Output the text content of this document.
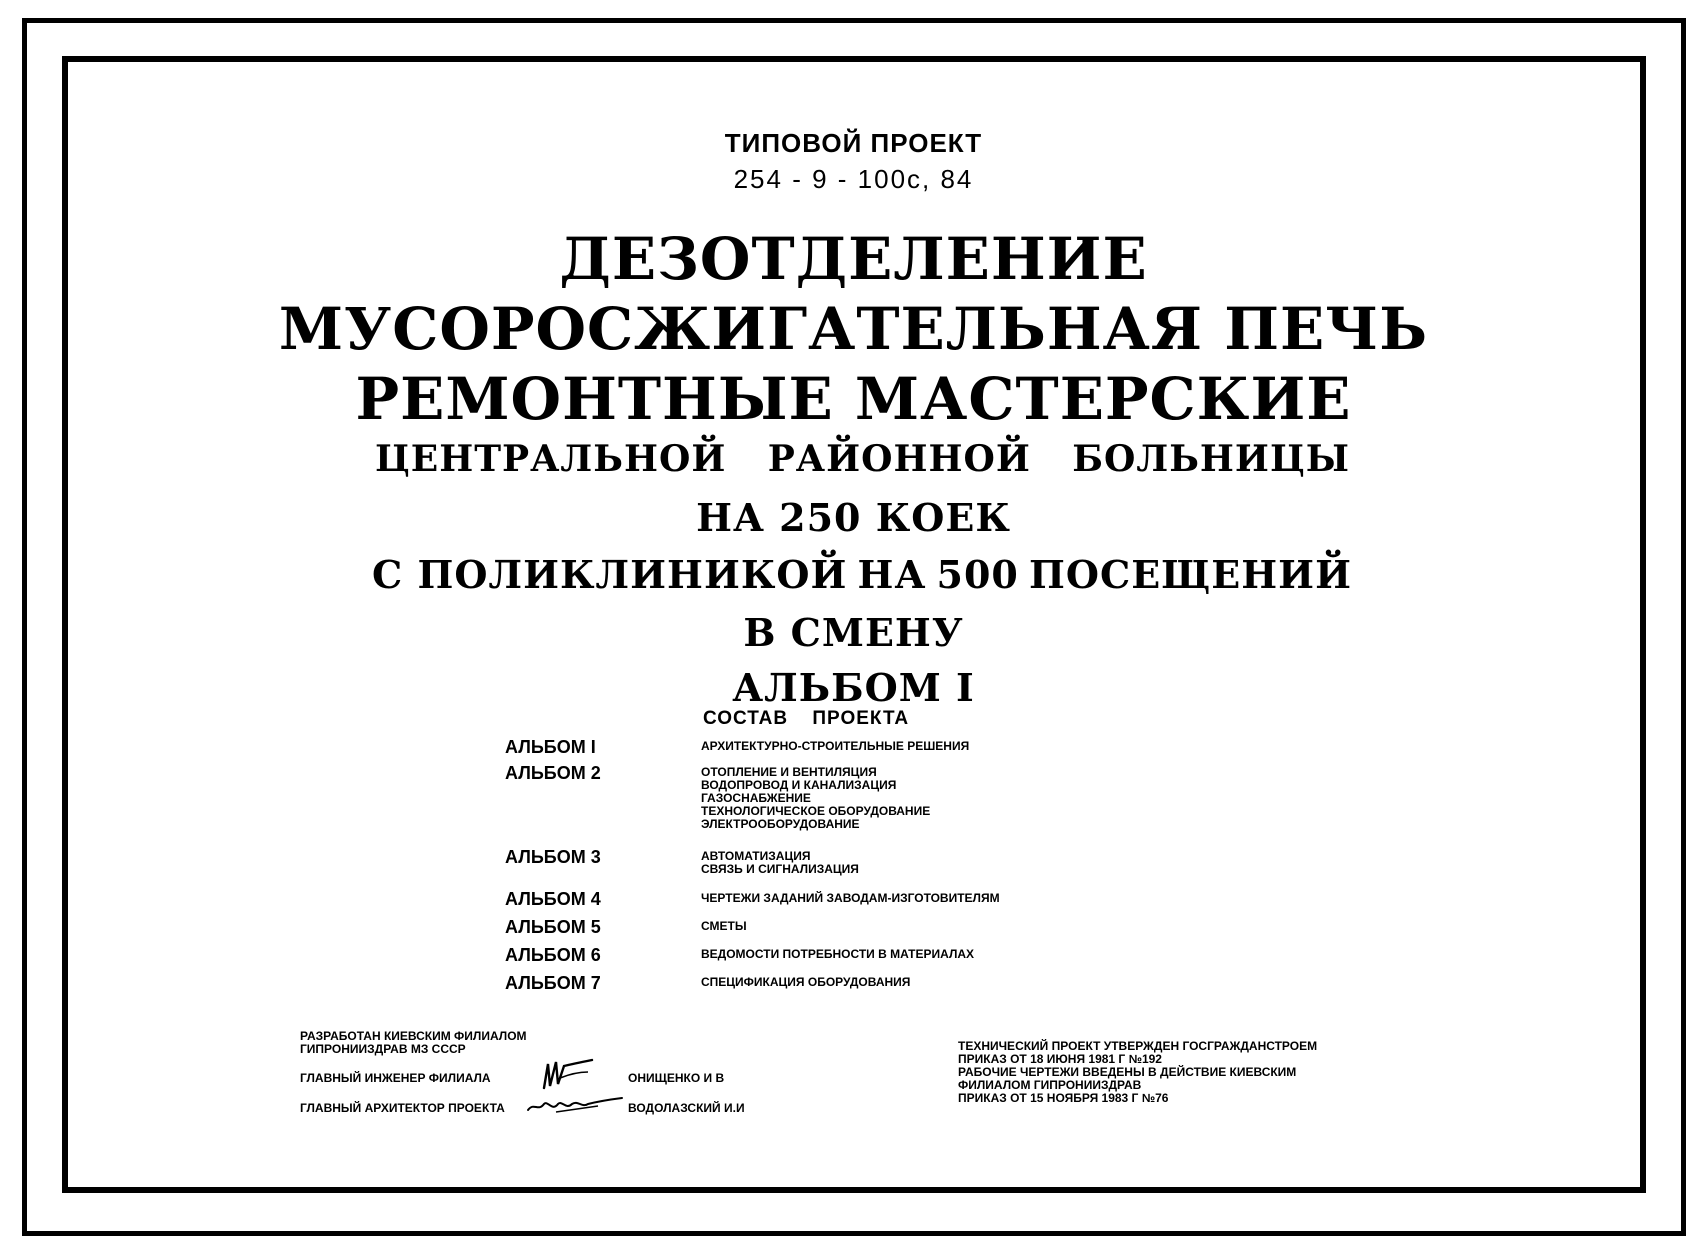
ТИПОВОЙ ПРОЕКТ
254 - 9 - 100с, 84
ДЕЗОТДЕЛЕНИЕ
МУСОРОСЖИГАТЕЛЬНАЯ ПЕЧЬ
РЕМОНТНЫЕ МАСТЕРСКИЕ
ЦЕНТРАЛЬНОЙ РАЙОННОЙ БОЛЬНИЦЫ
НА 250 КОЕК
С ПОЛИКЛИНИКОЙ НА 500 ПОСЕЩЕНИЙ
В СМЕНУ
АЛЬБОМ I
СОСТАВ ПРОЕКТА
АЛЬБОМ I	АРХИТЕКТУРНО-СТРОИТЕЛЬНЫЕ РЕШЕНИЯ
АЛЬБОМ 2	ОТОПЛЕНИЕ И ВЕНТИЛЯЦИЯ
ВОДОПРОВОД И КАНАЛИЗАЦИЯ
ГАЗОСНАБЖЕНИЕ
ТЕХНОЛОГИЧЕСКОЕ ОБОРУДОВАНИЕ
ЭЛЕКТРООБОРУДОВАНИЕ
АЛЬБОМ 3	АВТОМАТИЗАЦИЯ
СВЯЗЬ И СИГНАЛИЗАЦИЯ
АЛЬБОМ 4	ЧЕРТЕЖИ ЗАДАНИЙ ЗАВОДАМ-ИЗГОТОВИТЕЛЯМ
АЛЬБОМ 5	СМЕТЫ
АЛЬБОМ 6	ВЕДОМОСТИ ПОТРЕБНОСТИ В МАТЕРИАЛАХ
АЛЬБОМ 7	СПЕЦИФИКАЦИЯ ОБОРУДОВАНИЯ
РАЗРАБОТАН КИЕВСКИМ ФИЛИАЛОМ
ГИПРОНИИЗДРАВ МЗ СССР
ГЛАВНЫЙ ИНЖЕНЕР ФИЛИАЛА	ОНИЩЕНКО И В
ГЛАВНЫЙ АРХИТЕКТОР ПРОЕКТА	ВОДОЛАЗСКИЙ И.И
ТЕХНИЧЕСКИЙ ПРОЕКТ УТВЕРЖДЕН ГОСГРАЖДАНСТРОЕМ
ПРИКАЗ ОТ 18 ИЮНЯ 1981 Г №192
РАБОЧИЕ ЧЕРТЕЖИ ВВЕДЕНЫ В ДЕЙСТВИЕ КИЕВСКИМ
ФИЛИАЛОМ ГИПРОНИИЗДРАВ
ПРИКАЗ ОТ 15 НОЯБРЯ 1983 Г №76
